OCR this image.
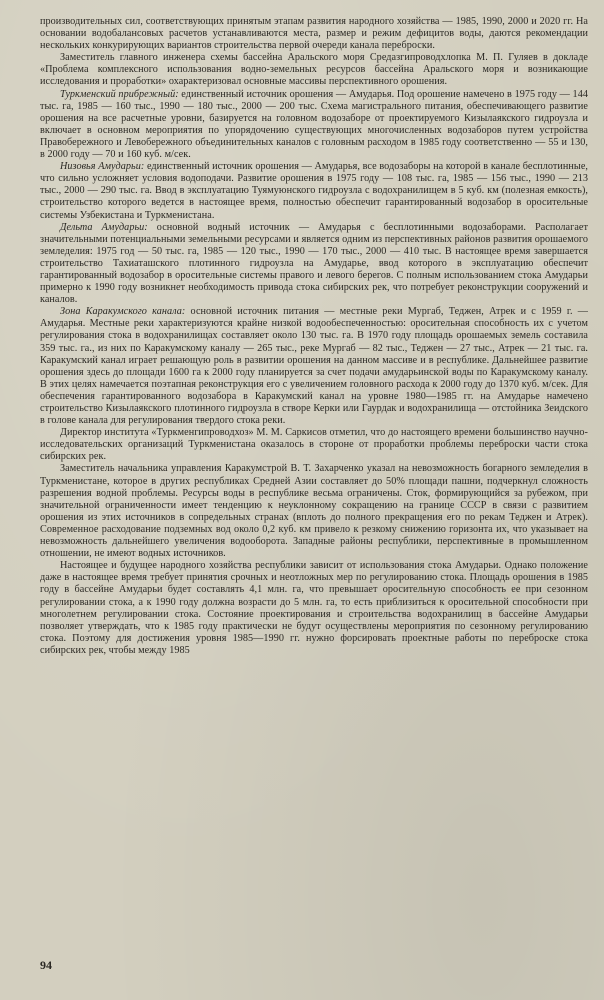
производительных сил, соответствующих принятым этапам развития народного хозяйства — 1985, 1990, 2000 и 2020 гг. На основании водобалансовых расчетов устанавливаются места, размер и режим дефицитов воды, даются рекомендации нескольких конкурирующих вариантов строительства первой очереди канала переброски.

Заместитель главного инженера схемы бассейна Аральского моря Средазгипроводхлопка М. П. Гуляев в докладе «Проблема комплексного использования водно-земельных ресурсов бассейна Аральского моря и возникающие исследования и проработки» охарактеризовал основные массивы перспективного орошения.

Туркменский прибрежный: единственный источник орошения — Амударья. Под орошение намечено в 1975 году — 144 тыс. га, 1985 — 160 тыс., 1990 — 180 тыс., 2000 — 200 тыс. Схема магистрального питания, обеспечивающего развитие орошения на все расчетные уровни, базируется на головном водозаборе от проектируемого Кизылаякского гидроузла и включает в основном мероприятия по упорядочению существующих многочисленных водозаборов путем устройства Правобережного и Левобережного объединительных каналов с головным расходом в 1985 году соответственно — 55 и 130, в 2000 году — 70 и 160 куб. м/сек.

Низовья Амударьи: единственный источник орошения — Амударья, все водозаборы на которой в канале бесплотинные, что сильно усложняет условия водоподачи. Развитие орошения в 1975 году — 108 тыс. га, 1985 — 156 тыс., 1990 — 213 тыс., 2000 — 290 тыс. га. Ввод в эксплуатацию Туямуюнского гидроузла с водохранилищем в 5 куб. км (полезная емкость), строительство которого ведется в настоящее время, полностью обеспечит гарантированный водозабор в оросительные системы Узбекистана и Туркменистана.

Дельта Амударьи: основной водный источник — Амударья с бесплотинными водозаборами. Располагает значительными потенциальными земельными ресурсами и является одним из перспективных районов развития орошаемого земледелия: 1975 год — 50 тыс. га, 1985 — 120 тыс., 1990 — 170 тыс., 2000 — 410 тыс. В настоящее время завершается строительство Тахиаташского плотинного гидроузла на Амударье, ввод которого в эксплуатацию обеспечит гарантированный водозабор в оросительные системы правого и левого берегов. С полным использованием стока Амударьи примерно к 1990 году возникнет необходимость привода стока сибирских рек, что потребует реконструкции сооружений и каналов.

Зона Каракумского канала: основной источник питания — местные реки Мургаб, Теджен, Атрек и с 1959 г. — Амударья. Местные реки характеризуются крайне низкой водообеспеченностью: оросительная способность их с учетом регулирования стока в водохранилищах составляет около 130 тыс. га. В 1970 году площадь орошаемых земель составила 359 тыс. га., из них по Каракумскому каналу — 265 тыс., реке Мургаб — 82 тыс., Теджен — 27 тыс., Атрек — 21 тыс. га. Каракумский канал играет решающую роль в развитии орошения на данном массиве и в республике. Дальнейшее развитие орошения здесь до площади 1600 га к 2000 году планируется за счет подачи амударьинской воды по Каракумскому каналу. В этих целях намечается поэтапная реконструкция его с увеличением головного расхода к 2000 году до 1370 куб. м/сек. Для обеспечения гарантированного водозабора в Каракумский канал на уровне 1980—1985 гг. на Амударье намечено строительство Кизылаякского плотинного гидроузла в створе Керки или Гаурдак и водохранилища — отстойника Зеидского в голове канала для регулирования твердого стока реки.

Директор института «Туркменгипроводхоз» М. М. Саркисов отметил, что до настоящего времени большинство научно-исследовательских организаций Туркменистана оказалось в стороне от проработки проблемы переброски части стока сибирских рек.

Заместитель начальника управления Каракумстрой В. Т. Захарченко указал на невозможность богарного земледелия в Туркменистане, которое в других республиках Средней Азии составляет до 50% площади пашни, подчеркнул сложность разрешения водной проблемы. Ресурсы воды в республике весьма ограничены. Сток, формирующийся за рубежом, при значительной ограниченности имеет тенденцию к неуклонному сокращению на границе СССР в связи с развитием орошения из этих источников в сопредельных странах (вплоть до полного прекращения его по рекам Теджен и Атрек). Современное расходование подземных вод около 0,2 куб. км привело к резкому снижению горизонта их, что указывает на невозможность дальнейшего увеличения водооборота. Западные районы республики, перспективные в промышленном отношении, не имеют водных источников.

Настоящее и будущее народного хозяйства республики зависит от использования стока Амударьи. Однако положение даже в настоящее время требует принятия срочных и неотложных мер по регулированию стока. Площадь орошения в 1985 году в бассейне Амударьи будет составлять 4,1 млн. га, что превышает оросительную способность ее при сезонном регулировании стока, а к 1990 году должна возрасти до 5 млн. га, то есть приблизиться к оросительной способности при многолетнем регулировании стока. Состояние проектирования и строительства водохранилищ в бассейне Амударьи позволяет утверждать, что к 1985 году практически не будут осуществлены мероприятия по сезонному регулированию стока. Поэтому для достижения уровня 1985—1990 гг. нужно форсировать проектные работы по переброске стока сибирских рек, чтобы между 1985

94
